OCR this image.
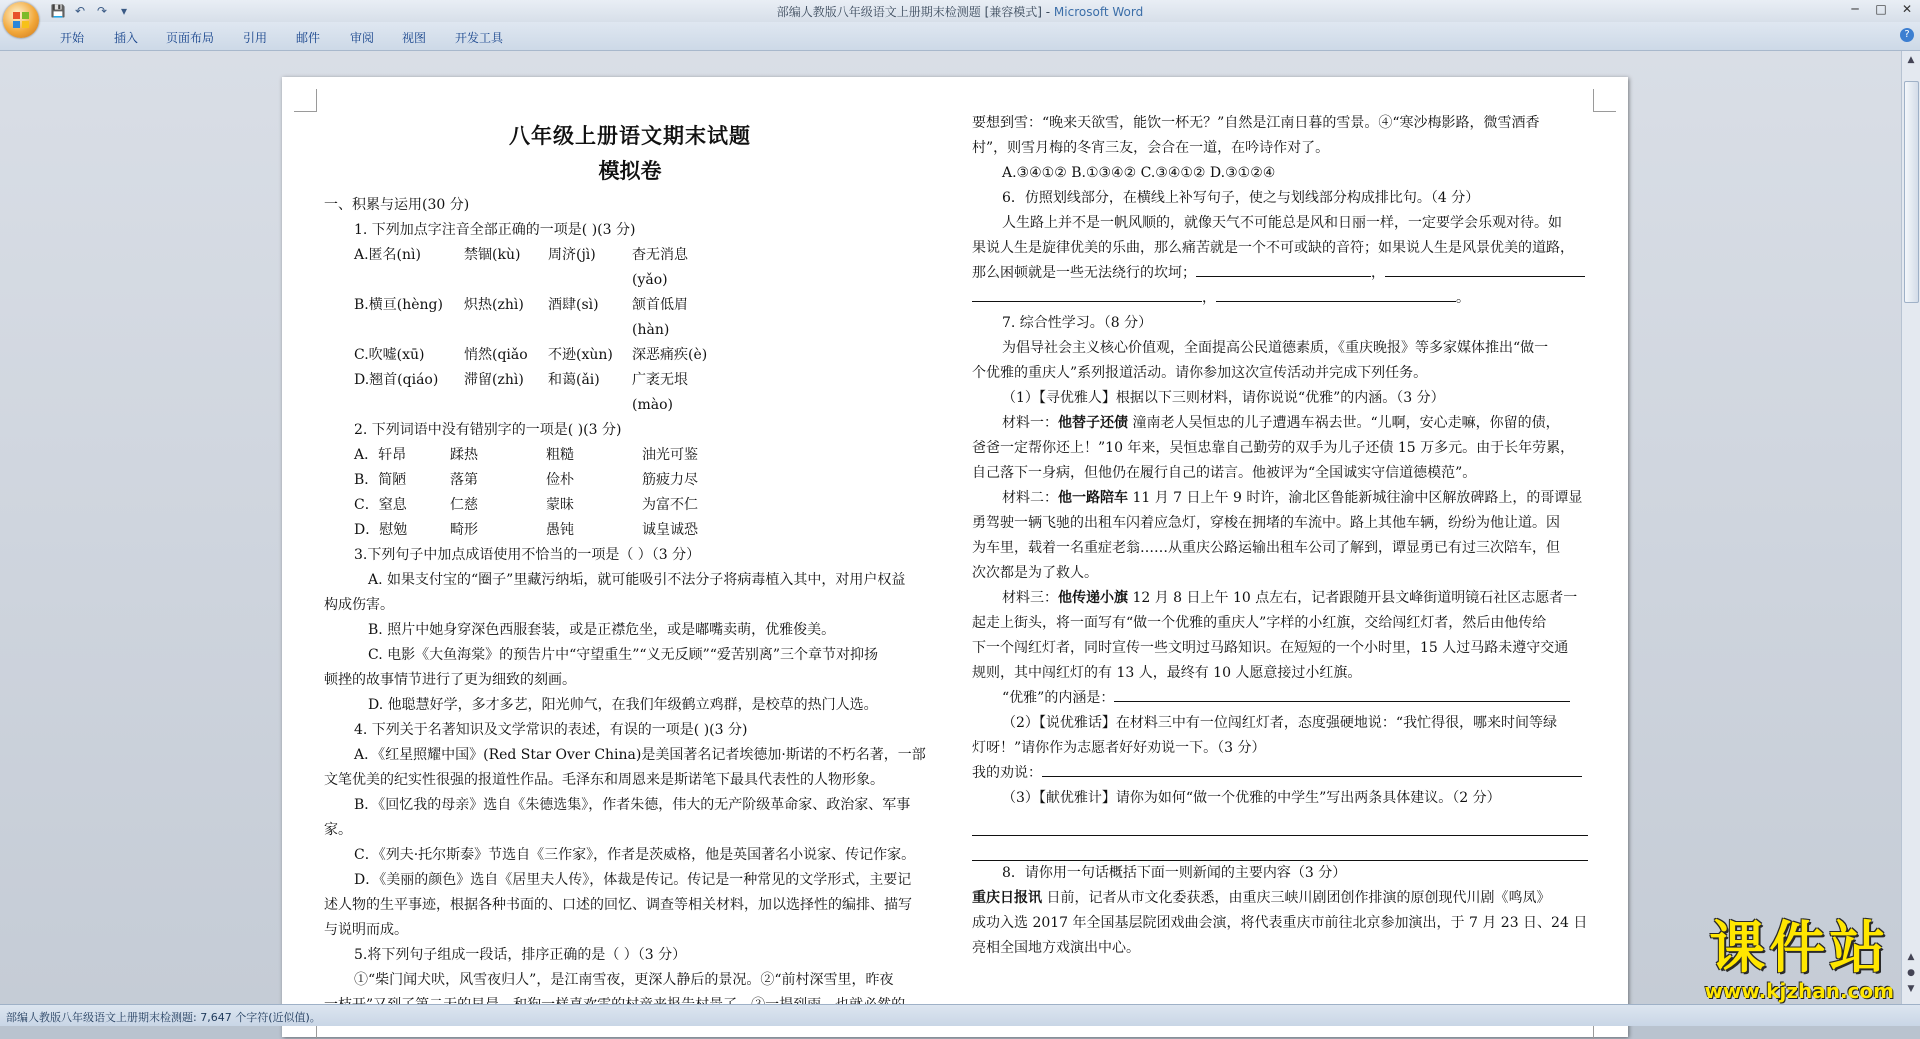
💾 ↶ ↷	▾	部编人教版八年级语文上册期末检测题 [兼容模式] - Microsoft Word	─	□	✕
开始 插入 页面布局 引用 邮件 审阅 视图 开发工具	?
八年级上册语文期末试题
模拟卷

一、积累与运用(30 分)

1. 下列加点字注音全部正确的一项是( )(3 分)

A.匿名(nì)	禁锢(kù)	周济(jì)	杳无消息(yǎo)
B.横亘(hèng)	炽热(zhì)	酒肆(sì)	颔首低眉(hàn)
C.吹嘘(xū)	悄然(qiǎo	不逊(xùn)	深恶痛疾(è)
D.翘首(qiáo)	滞留(zhì)	和蔼(ǎi)	广袤无垠(mào)

2. 下列词语中没有错别字的一项是( )(3 分)

A．轩昂	蹂热	粗糙	油光可鉴
B．简陋	落第	俭朴	筋疲力尽
C．窒息	仁慈	蒙昧	为富不仁
D．慰勉	畸形	愚钝	诚皇诚恐

3.下列句子中加点成语使用不恰当的一项是（ ）（3 分）

A. 如果支付宝的“圈子”里藏污纳垢，就可能吸引不法分子将病毒植入其中，对用户权益

构成伤害。

B. 照片中她身穿深色西服套装，或是正襟危坐，或是嘟嘴卖萌，优雅俊美。

C. 电影《大鱼海棠》的预告片中“守望重生”“义无反顾”“爱苦别离”三个章节对抑扬

顿挫的故事情节进行了更为细致的刻画。

D. 他聪慧好学，多才多艺，阳光帅气，在我们年级鹤立鸡群，是校草的热门人选。

4. 下列关于名著知识及文学常识的表述，有误的一项是( )(3 分)

A．《红星照耀中国》(Red Star Over China)是美国著名记者埃德加·斯诺的不朽名著，一部

文笔优美的纪实性很强的报道性作品。毛泽东和周恩来是斯诺笔下最具代表性的人物形象。

B．《回忆我的母亲》选自《朱德选集》，作者朱德，伟大的无产阶级革命家、政治家、军事

家。

C．《列夫·托尔斯泰》节选自《三作家》，作者是茨威格，他是英国著名小说家、传记作家。

D．《美丽的颜色》选自《居里夫人传》，体裁是传记。传记是一种常见的文学形式，主要记

述人物的生平事迹，根据各种书面的、口述的回忆、调查等相关材料，加以选择性的编排、描写

与说明而成。

5.将下列句子组成一段话，排序正确的是（ ）（3 分）

①“柴门闻犬吠，风雪夜归人”，是江南雪夜，更深人静后的景况。②“前村深雪里，昨夜

要想到雪：“晚来天欲雪，能饮一杯无？”自然是江南日暮的雪景。④“寒沙梅影路，微雪酒香

村”，则雪月梅的冬宵三友，会合在一道，在吟诗作对了。

A.③④①② B.①③④② C.③④①② D.③①②④

6．仿照划线部分，在横线上补写句子，使之与划线部分构成排比句。（4 分）

人生路上并不是一帆风顺的，就像天气不可能总是风和日丽一样，一定要学会乐观对待。如

果说人生是旋律优美的乐曲，那么痛苦就是一个不可或缺的音符；如果说人生是风景优美的道路，

那么困顿就是一些无法绕行的坎坷；	，

，	。

7. 综合性学习。（8 分）

为倡导社会主义核心价值观，全面提高公民道德素质，《重庆晚报》等多家媒体推出“做一

个优雅的重庆人”系列报道活动。请你参加这次宣传活动并完成下列任务。

（1）【寻优雅人】根据以下三则材料，请你说说“优雅”的内涵。（3 分）

材料一：他替子还债 潼南老人吴恒忠的儿子遭遇车祸去世。“儿啊，安心走嘛，你留的债，

爸爸一定帮你还上！”10 年来，吴恒忠靠自己勤劳的双手为儿子还债 15 万多元。由于长年劳累，

自己落下一身病，但他仍在履行自己的诺言。他被评为“全国诚实守信道德模范”。

材料二：他一路陪车 11 月 7 日上午 9 时许，渝北区鲁能新城往渝中区解放碑路上，的哥谭显

勇驾驶一辆飞驰的出租车闪着应急灯，穿梭在拥堵的车流中。路上其他车辆，纷纷为他让道。因

为车里，载着一名重症老翁……从重庆公路运输出租车公司了解到，谭显勇已有过三次陪车，但

次次都是为了救人。

材料三：他传递小旗 12 月 8 日上午 10 点左右，记者跟随开县文峰街道明镜石社区志愿者一

起走上街头，将一面写有“做一个优雅的重庆人”字样的小红旗，交给闯红灯者，然后由他传给

下一个闯红灯者，同时宣传一些文明过马路知识。在短短的一个小时里，15 人过马路未遵守交通

规则，其中闯红灯的有 13 人，最终有 10 人愿意接过小红旗。

“优雅”的内涵是：

（2）【说优雅话】在材料三中有一位闯红灯者，态度强硬地说：“我忙得很，哪来时间等绿

灯呀！”请你作为志愿者好好劝说一下。（3 分）

我的劝说：

（3）【献优雅计】请你为如何“做一个优雅的中学生”写出两条具体建议。（2 分）

8．请你用一句话概括下面一则新闻的主要内容（3 分）

重庆日报讯 日前，记者从市文化委获悉，由重庆三峡川剧团创作排演的原创现代川剧《鸣凤》

成功入选 2017 年全国基层院团戏曲会演，将代表重庆市前往北京参加演出，于 7 月 23 日、24 日

亮相全国地方戏演出中心。

▲
▲
●
▼
部编人教版八年级语文上册期末检测题: 7,647 个字符(近似值)。
课件站
www.kjzhan.com
